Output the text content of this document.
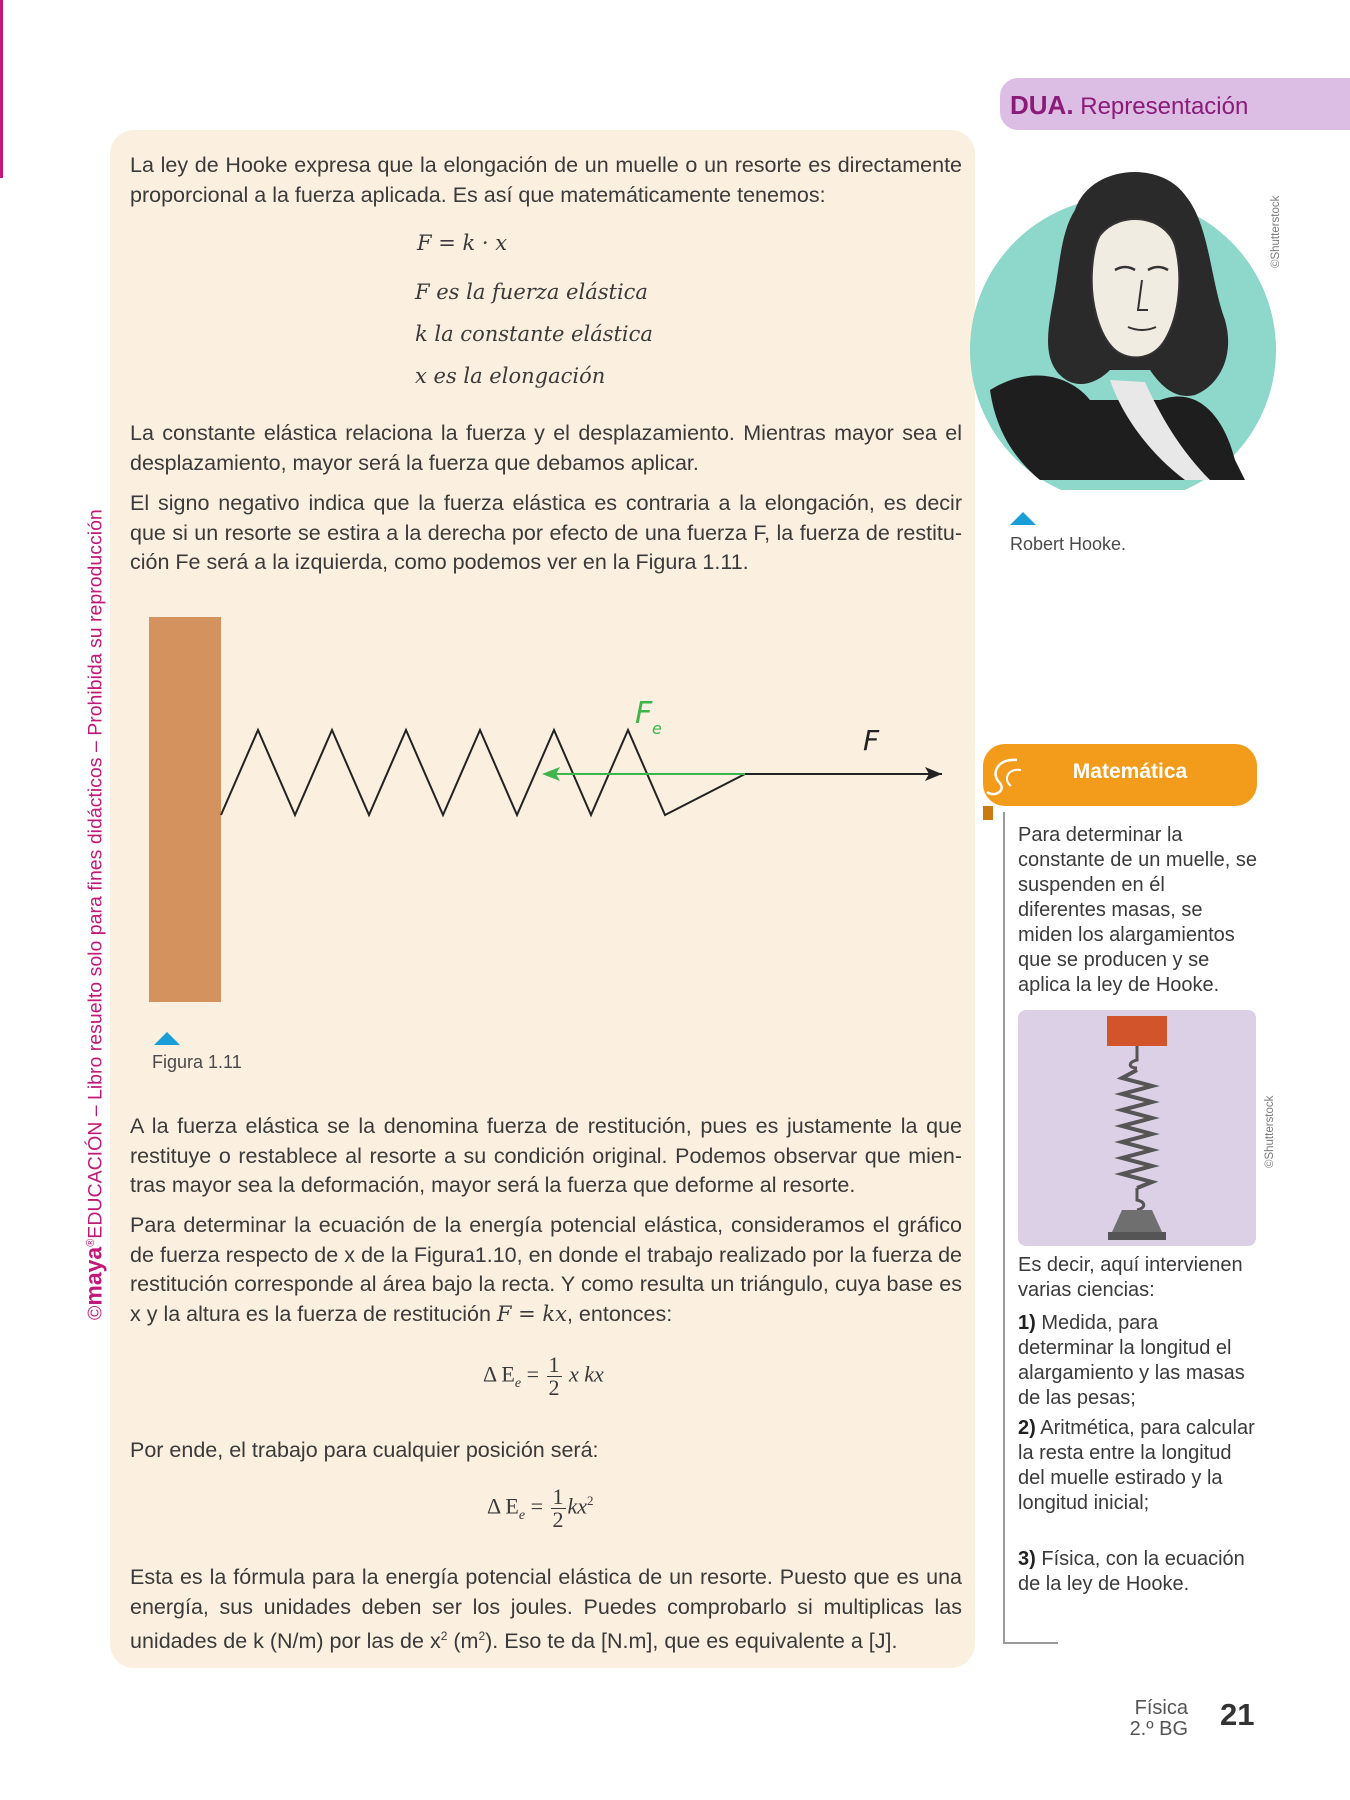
©maya®EDUCACIÓN – Libro resuelto solo para fines didácticos – Prohibida su reproducción
La ley de Hooke expresa que la elongación de un muelle o un resorte es directamente proporcional a la fuerza aplicada. Es así que matemáticamente tenemos:
F = k · x
F es la fuerza elástica
k la constante elástica
x es la elongación
La constante elástica relaciona la fuerza y el desplazamiento. Mientras mayor sea el desplazamiento, mayor será la fuerza que debamos aplicar.
El signo negativo indica que la fuerza elástica es contraria a la elongación, es decir que si un resorte se estira a la derecha por efecto de una fuerza F, la fuerza de restitución Fe será a la izquierda, como podemos ver en la Figura 1.11.
F e	F
Figura 1.11
A la fuerza elástica se la denomina fuerza de restitución, pues es justamente la que restituye o restablece al resorte a su condición original. Podemos observar que mientras mayor sea la deformación, mayor será la fuerza que deforme al resorte.
Para determinar la ecuación de la energía potencial elástica, consideramos el gráfico de fuerza respecto de x de la Figura1.10, en donde el trabajo realizado por la fuerza de restitución corresponde al área bajo la recta. Y como resulta un triángulo, cuya base es x y la altura es la fuerza de restitución F = kx, entonces:
Δ $E_e = \frac{1}{2}$ x kx
Por ende, el trabajo para cualquier posición será:
Δ $E_e = \frac{1}{2} kx^2$
Esta es la fórmula para la energía potencial elástica de un resorte. Puesto que es una energía, sus unidades deben ser los joules. Puedes comprobarlo si multiplicas las unidades de k (N/m) por las de $x^2$ $(m^2)$. Eso te da [N.m], que es equivalente a [J].
DUA. Representación
©Shutterstock
Robert Hooke.
Matemática
Para determinar la constante de un muelle, se suspenden en él diferentes masas, se miden los alargamientos que se producen y se aplica la ley de Hooke.
©Shutterstock
Es decir, aquí intervienen varias ciencias:
1) Medida, para determinar la longitud el alargamiento y las masas de las pesas;
2) Aritmética, para calcular la resta entre la longitud del muelle estirado y la longitud inicial;
3) Física, con la ecuación de la ley de Hooke.
Física
2.º BG 21
